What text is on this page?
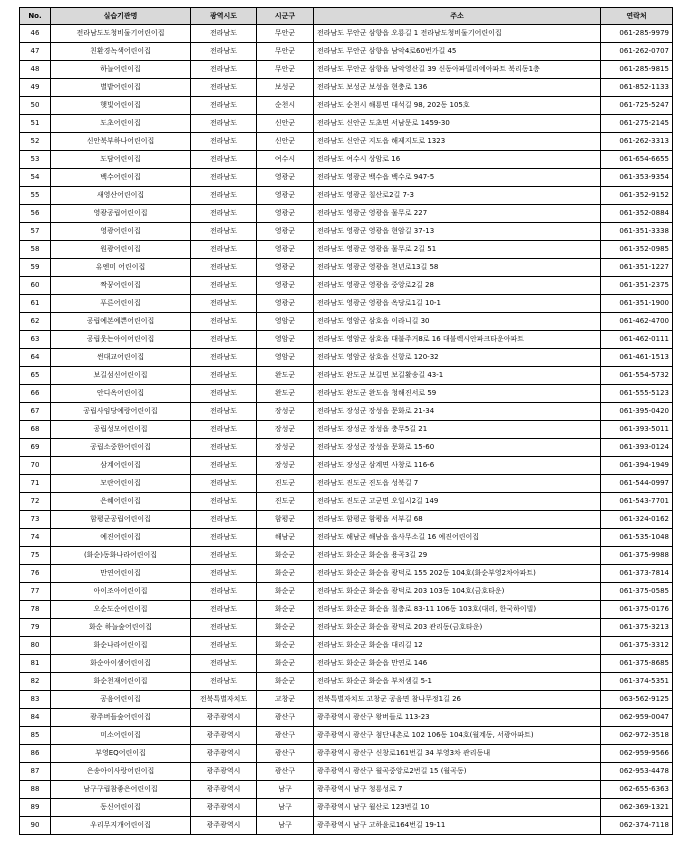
No.	실습기관명	광역시도	시군구	주소	연락처
46	전라남도도청비둘기어린이집	전라남도	무안군	전라남도 무안군 삼향읍 오룡길 1 전라남도청비둘기어린이집	061-285-9979
47	친환경녹색어린이집	전라남도	무안군	전라남도 무안군 삼향읍 남악4로60번가길 45	061-262-0707
48	하늘어린이집	전라남도	무안군	전라남도 무안군 삼향읍 남악영산길 39 신동아파밀리에아파트 북리동1층	061-285-9815
49	별밭어린이집	전라남도	보성군	전라남도 보성군 보성읍 현충로 136	061-852-1133
50	햇빛어린이집	전라남도	순천시	전라남도 순천시 해룡면 대석길 98, 202동 105호	061-725-5247
51	도초어린이집	전라남도	신안군	전라남도 신안군 도초면 서남문로 1459-30	061-275-2145
52	신안북부하나어린이집	전라남도	신안군	전라남도 신안군 지도읍 해제지도로 1323	061-262-3313
53	도담어린이집	전라남도	여수시	전라남도 여수시 상암로 16	061-654-6655
54	백수어린이집	전라남도	영광군	전라남도 영광군 백수읍 백수로 947-5	061-353-9354
55	새영산어린이집	전라남도	영광군	전라남도 영광군 칠산로2길 7-3	061-352-9152
56	영광공립어린이집	전라남도	영광군	전라남도 영광군 영광읍 물무로 227	061-352-0884
57	영광어린이집	전라남도	영광군	전라남도 영광군 영광읍 현암길 37-13	061-351-3338
58	원광어린이집	전라남도	영광군	전라남도 영광군 영광읍 물무로 2길 51	061-352-0985
59	유엔미 어린이집	전라남도	영광군	전라남도 영광군 영광읍 천년로13길 58	061-351-1227
60	짝꿍어린이집	전라남도	영광군	전라남도 영광군 영광읍 중앙로2길 28	061-351-2375
61	푸른어린이집	전라남도	영광군	전라남도 영광군 영광읍 옥당로1길 10-1	061-351-1900
62	공립예본예쁜어린이집	전라남도	영암군	전라남도 영암군 삼호읍 이라니길 30	061-462-4700
63	공립웃는아이어린이집	전라남도	영암군	전라남도 영암군 삼호읍 대불주거8로 16 대불렉시안파크타운아파트	061-462-0111
64	썬대교어린이집	전라남도	영암군	전라남도 영암군 삼호읍 신항로 120-32	061-461-1513
65	보길섬신어린이집	전라남도	완도군	전라남도 완도군 보길면 보길활송길 43-1	061-554-5732
66	안디옥어린이집	전라남도	완도군	전라남도 완도군 완도읍 청해진서로 59	061-555-5123
67	공립사임당예랑어린이집	전라남도	장성군	전라남도 장성군 장성읍 문화로 21-34	061-395-0420
68	공립성모어린이집	전라남도	장성군	전라남도 장성군 장성읍 충무5길 21	061-393-5011
69	공립소중한어린이집	전라남도	장성군	전라남도 장성군 장성읍 문화로 15-60	061-393-0124
70	삼계어린이집	전라남도	장성군	전라남도 장성군 삼계면 사창로 116-6	061-394-1949
71	모란어린이집	전라남도	진도군	전라남도 진도군 진도읍 성북길 7	061-544-0997
72	은혜어린이집	전라남도	진도군	전라남도 진도군 고군면 오일시2길 149	061-543-7701
73	함평군공립어린이집	전라남도	함평군	전라남도 함평군 함평읍 서부길 68	061-324-0162
74	예진어린이집	전라남도	해남군	전라남도 해남군 해남읍 읍사무소길 16 예진어린이집	061-535-1048
75	(화순)동화나라어린이집	전라남도	화순군	전라남도 화순군 화순읍 용곡3길 29	061-375-9988
76	만연어린이집	전라남도	화순군	전라남도 화순군 화순읍 광덕로 155 202동 104호(화순부영2차아파트)	061-373-7814
77	아이조아어린이집	전라남도	화순군	전라남도 화순군 화순읍 광덕로 203 103동 104호(금호타운)	061-375-0585
78	오순도순어린이집	전라남도	화순군	전라남도 화순군 화순읍 칠층로 83-11 106동 103호(대리, 한국하이빌)	061-375-0176
79	화순 하늘숲어린이집	전라남도	화순군	전라남도 화순군 화순읍 광덕로 203 관리동(금호타운)	061-375-3213
80	화순나라어린이집	전라남도	화순군	전라남도 화순군 화순읍 대리길 12	061-375-3312
81	화순아이샘어린이집	전라남도	화순군	전라남도 화순군 화순읍 만연로 146	061-375-8685
82	화순천재어린이집	전라남도	화순군	전라남도 화순군 화순읍 부처샘길 5-1	061-374-5351
83	공음어린이집	전북특별자치도	고창군	전북특별자치도 고창군 공음면 참나무정1길 26	063-562-9125
84	광주버들숲어린이집	광주광역시	광산구	광주광역시 광산구 왕버들로 113-23	062-959-0047
85	미소어린이집	광주광역시	광산구	광주광역시 광산구 첨단내촌로 102 106동 104호(월계동, 서광아파트)	062-972-3518
86	부영EQ어린이집	광주광역시	광산구	광주광역시 광산구 신창로161번길 34 부영3차 관리동내	062-959-9566
87	은송아이사랑어린이집	광주광역시	광산구	광주광역시 광산구 월곡중앙로2번길 15 (월곡동)	062-953-4478
88	남구구립참좋은어린이집	광주광역시	남구	광주광역시 남구 청룡성로 7	062-655-6363
89	동신어린이집	광주광역시	남구	광주광역시 남구 월산로 123번길 10	062-369-1321
90	우리무지개어린이집	광주광역시	남구	광주광역시 남구 고하윤로164번길 19-11	062-374-7118
